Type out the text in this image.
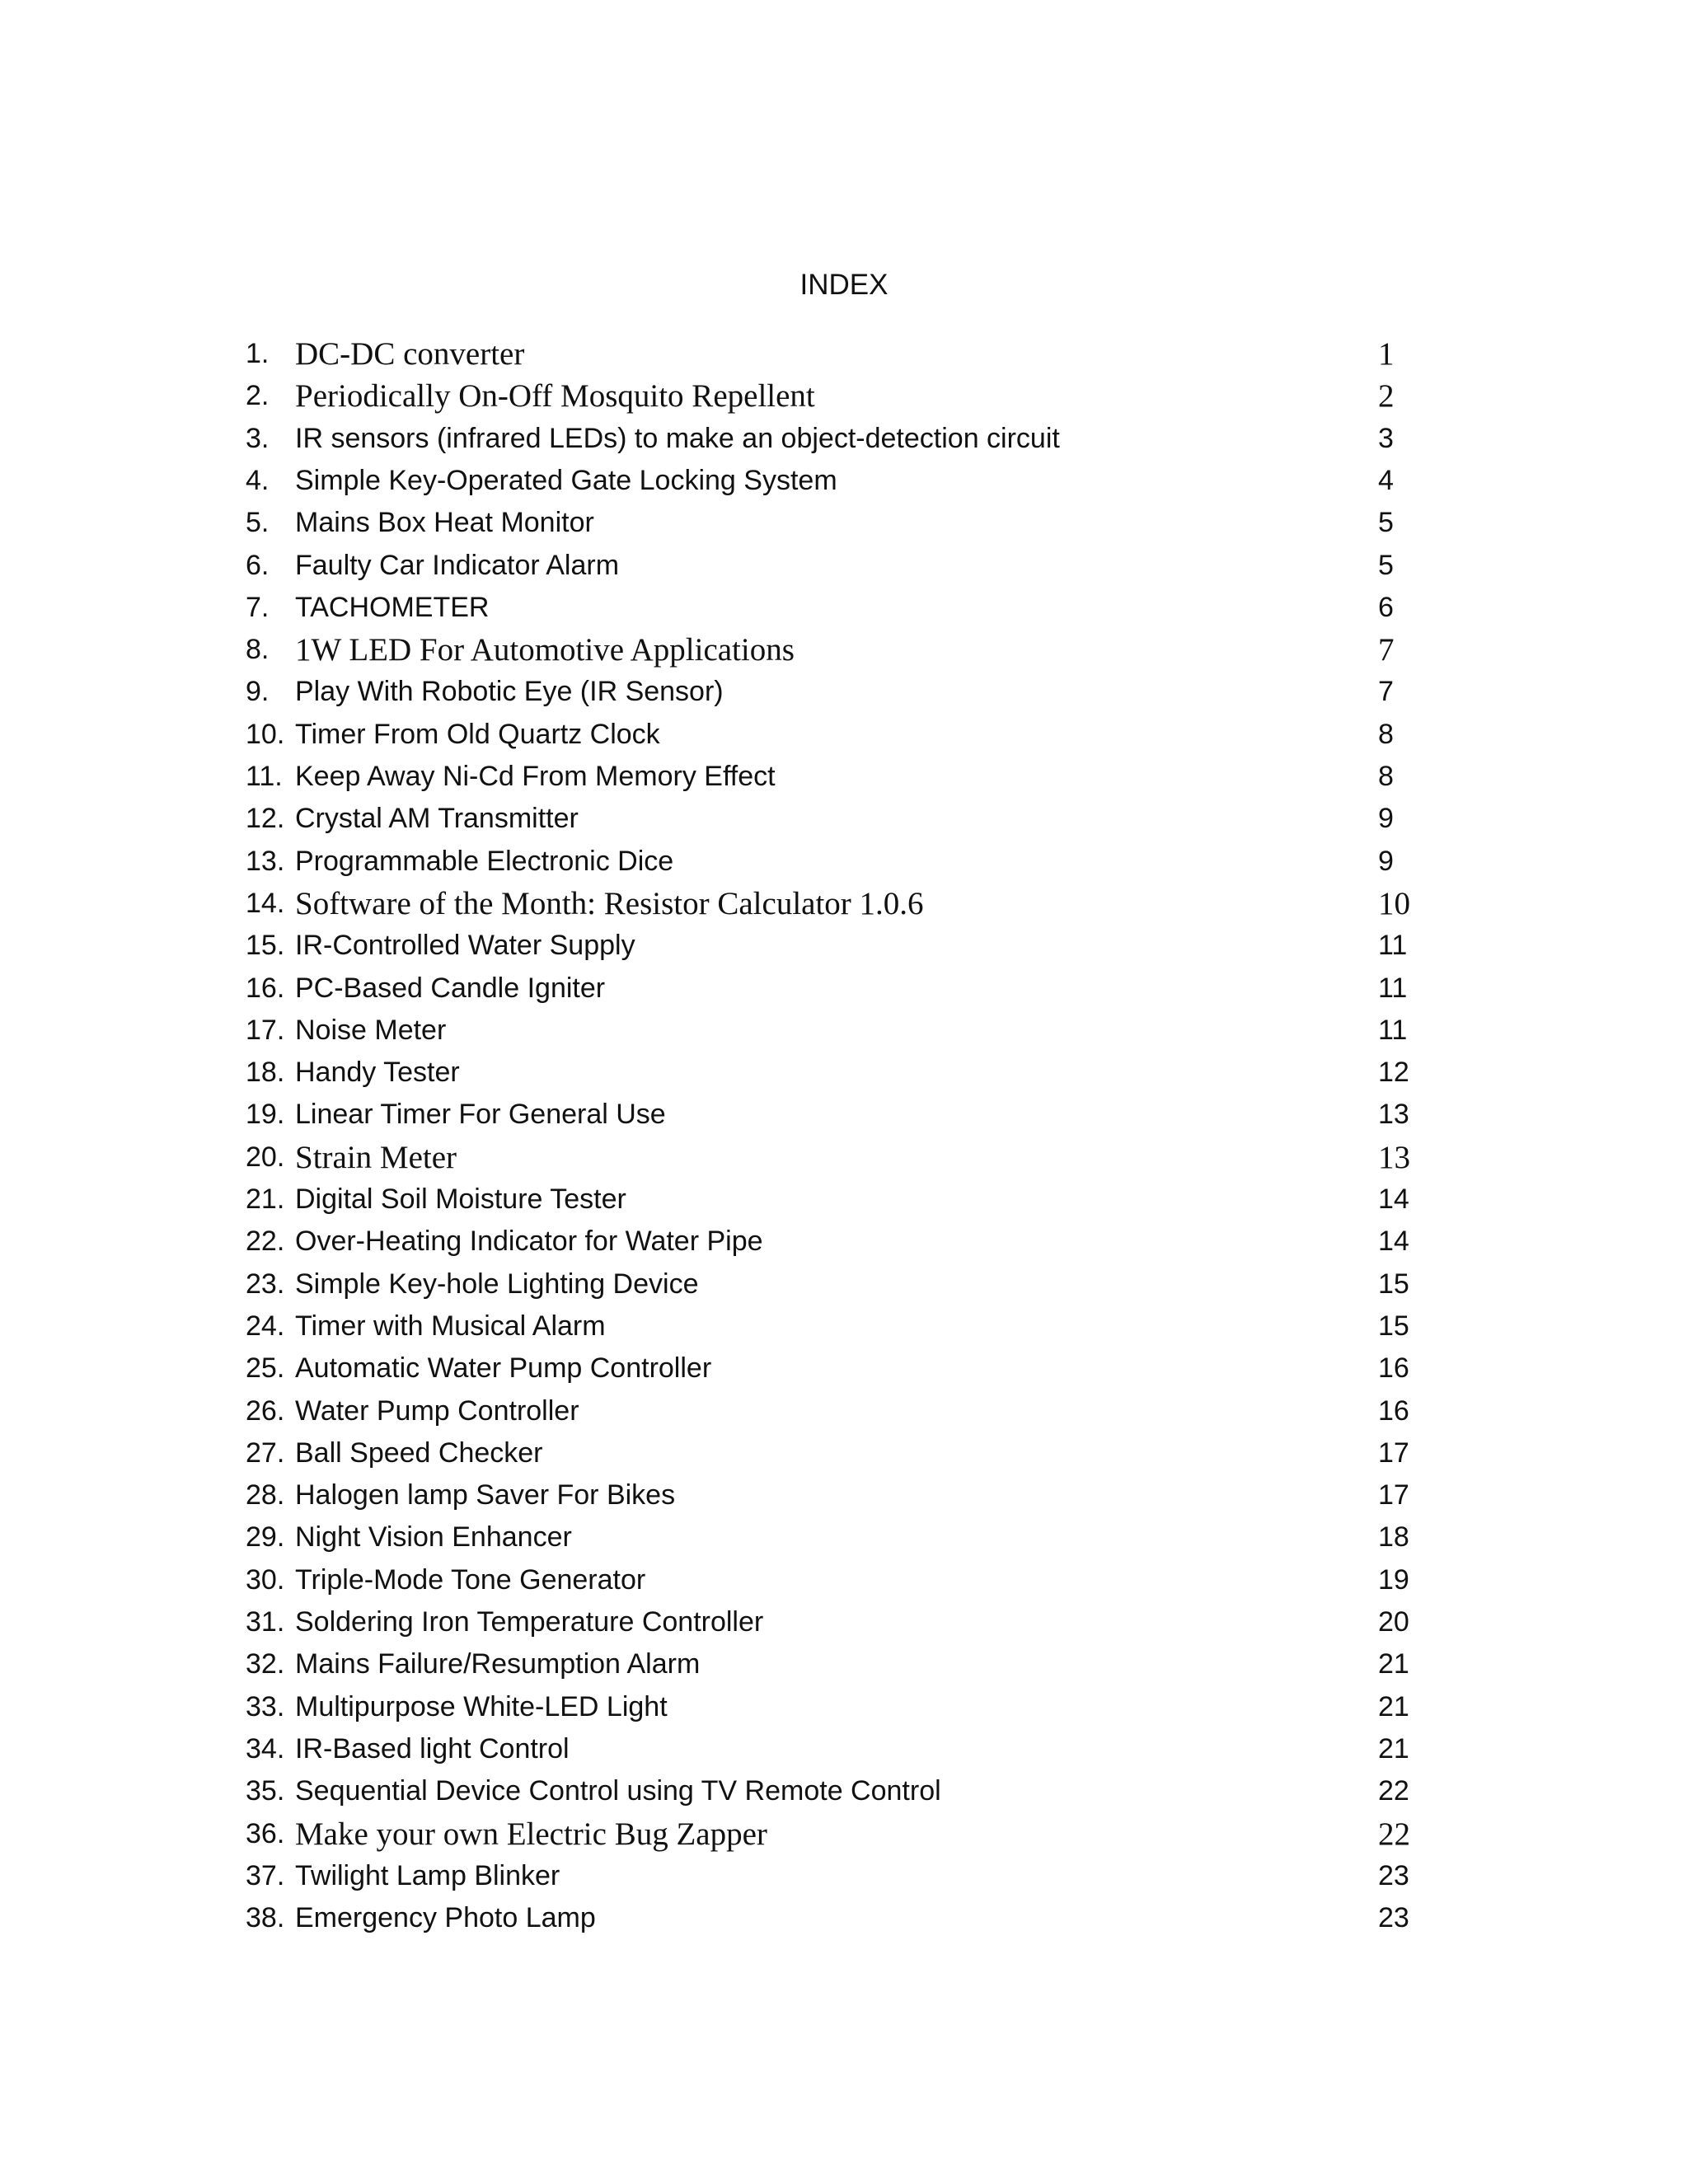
INDEX
1. DC-DC converter	1
2. Periodically On-Off Mosquito Repellent	2
3. IR sensors (infrared LEDs) to make an object-detection circuit	3
4. Simple Key-Operated Gate Locking System	4
5. Mains Box Heat Monitor	5
6. Faulty Car Indicator Alarm	5
7. TACHOMETER	6
8. 1W LED For Automotive Applications	7
9. Play With Robotic Eye (IR Sensor)	7
10. Timer From Old Quartz Clock	8
11. Keep Away Ni-Cd From Memory Effect	8
12. Crystal AM Transmitter	9
13. Programmable Electronic Dice	9
14. Software of the Month: Resistor Calculator 1.0.6	10
15. IR-Controlled Water Supply	11
16. PC-Based Candle Igniter	11
17. Noise Meter	11
18. Handy Tester	12
19. Linear Timer For General Use	13
20. Strain Meter	13
21. Digital Soil Moisture Tester	14
22. Over-Heating Indicator for Water Pipe	14
23. Simple Key-hole Lighting Device	15
24. Timer with Musical Alarm	15
25. Automatic Water Pump Controller	16
26. Water Pump Controller	16
27. Ball Speed Checker	17
28. Halogen lamp Saver For Bikes	17
29. Night Vision Enhancer	18
30. Triple-Mode Tone Generator	19
31. Soldering Iron Temperature Controller	20
32. Mains Failure/Resumption Alarm	21
33. Multipurpose White-LED Light	21
34. IR-Based light Control	21
35. Sequential Device Control using TV Remote Control	22
36. Make your own Electric Bug Zapper	22
37. Twilight Lamp Blinker	23
38. Emergency Photo Lamp	23
